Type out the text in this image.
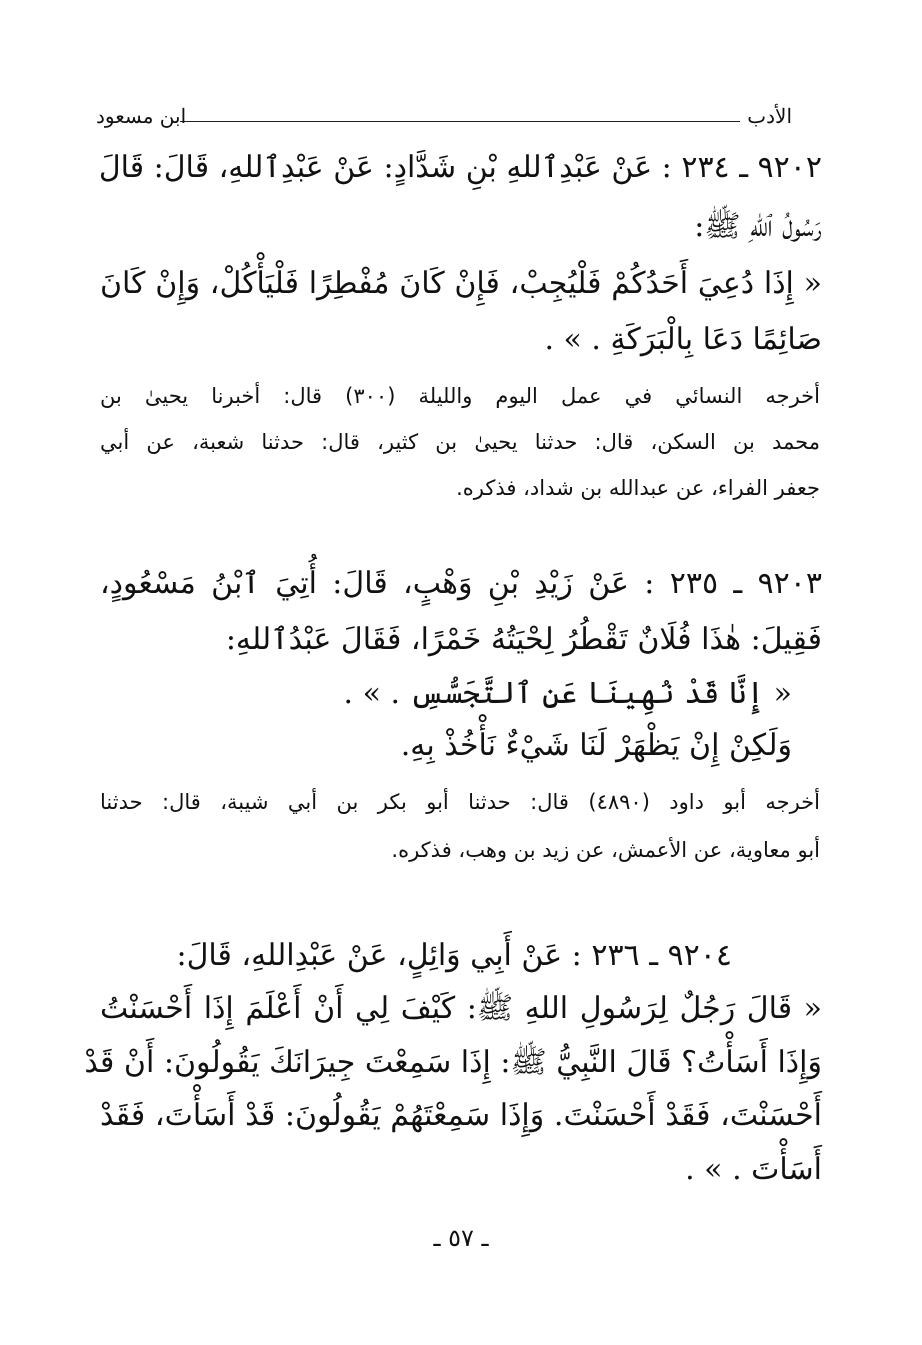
الأدب
ابن مسعود
٩٢٠٢ ـ ٢٣٤ : عَنْ عَبْدِٱللهِ بْنِ شَدَّادٍ: عَنْ عَبْدِٱللهِ، قَالَ: قَالَ
رَسُولُ ٱللهِ ﷺ:
« إِذَا دُعِيَ أَحَدُكُمْ فَلْيُجِبْ، فَإِنْ كَانَ مُفْطِرًا فَلْيَأْكُلْ، وَإِنْ كَانَ
صَائِمًا دَعَا بِالْبَرَكَةِ . » .
أخرجه النسائي في عمل اليوم والليلة (٣٠٠) قال: أخبرنا يحيىٰ بن
محمد بن السكن، قال: حدثنا يحيىٰ بن كثير، قال: حدثنا شعبة، عن أبي
جعفر الفراء، عن عبدالله بن شداد، فذكره.
٩٢٠٣ ـ ٢٣٥ : عَنْ زَيْدِ بْنِ وَهْبٍ، قَالَ: أُتِيَ ٱبْنُ مَسْعُودٍ،
فَقِيلَ: هٰذَا فُلَانٌ تَقْطُرُ لِحْيَتُهُ خَمْرًا، فَقَالَ عَبْدُٱللهِ:
« إِنَّا قَدْ نُهِينَا عَنِ ٱلتَّجَسُّسِ . » .
وَلَكِنْ إِنْ يَظْهَرْ لَنَا شَيْءٌ نَأْخُذْ بِهِ.
أخرجه أبو داود (٤٨٩٠) قال: حدثنا أبو بكر بن أبي شيبة، قال: حدثنا
أبو معاوية، عن الأعمش، عن زيد بن وهب، فذكره.
٩٢٠٤ ـ ٢٣٦ : عَنْ أَبِي وَائِلٍ، عَنْ عَبْدِاللهِ، قَالَ:
« قَالَ رَجُلٌ لِرَسُولِ اللهِ ﷺ: كَيْفَ لِي أَنْ أَعْلَمَ إِذَا أَحْسَنْتُ
وَإِذَا أَسَأْتُ؟ قَالَ النَّبِيُّ ﷺ: إِذَا سَمِعْتَ جِيرَانَكَ يَقُولُونَ: أَنْ قَدْ
أَحْسَنْتَ، فَقَدْ أَحْسَنْتَ. وَإِذَا سَمِعْتَهُمْ يَقُولُونَ: قَدْ أَسَأْتَ، فَقَدْ
أَسَأْتَ . » .
ـ ٥٧ ـ
